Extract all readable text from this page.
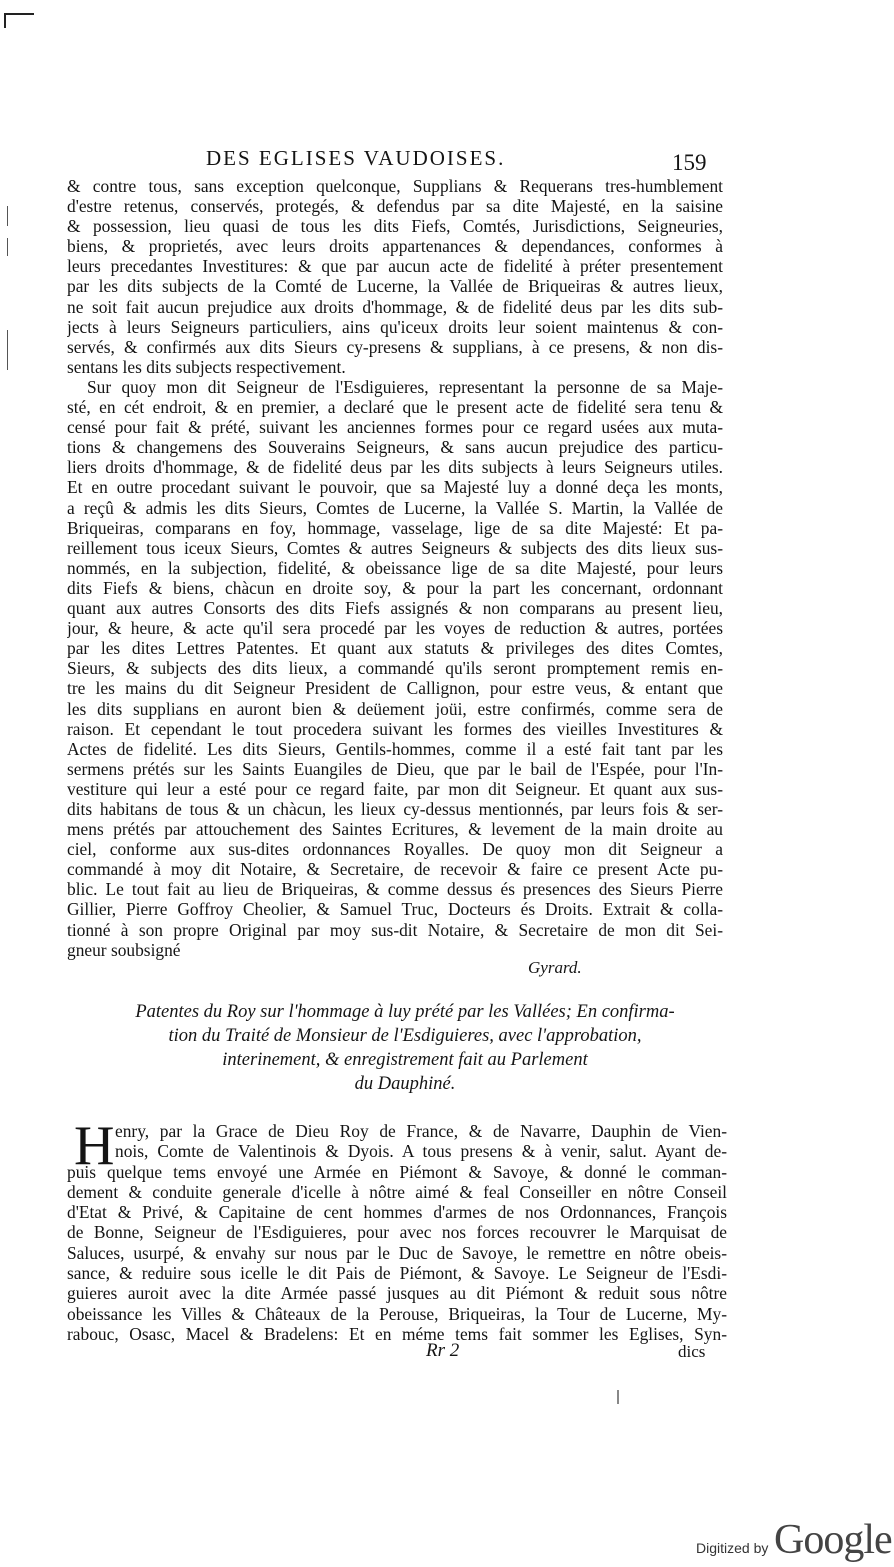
DES EGLISES VAUDOISES.	159
& contre tous, sans exception quelconque, Supplians & Requerans tres-humblement
d'estre retenus, conservés, protegés, & defendus par sa dite Majesté, en la saisine
& possession, lieu quasi de tous les dits Fiefs, Comtés, Jurisdictions, Seigneuries,
biens, & proprietés, avec leurs droits appartenances & dependances, conformes à
leurs precedantes Investitures: & que par aucun acte de fidelité à préter presentement
par les dits subjects de la Comté de Lucerne, la Vallée de Briqueiras & autres lieux,
ne soit fait aucun prejudice aux droits d'hommage, & de fidelité deus par les dits sub-
jects à leurs Seigneurs particuliers, ains qu'iceux droits leur soient maintenus & con-
servés, & confirmés aux dits Sieurs cy-presens & supplians, à ce presens, & non dis-
sentans les dits subjects respectivement.
Sur quoy mon dit Seigneur de l'Esdiguieres, representant la personne de sa Maje-
sté, en cét endroit, & en premier, a declaré que le present acte de fidelité sera tenu &
censé pour fait & prété, suivant les anciennes formes pour ce regard usées aux muta-
tions & changemens des Souverains Seigneurs, & sans aucun prejudice des particu-
liers droits d'hommage, & de fidelité deus par les dits subjects à leurs Seigneurs utiles.
Et en outre procedant suivant le pouvoir, que sa Majesté luy a donné deça les monts,
a reçû & admis les dits Sieurs, Comtes de Lucerne, la Vallée S. Martin, la Vallée de
Briqueiras, comparans en foy, hommage, vasselage, lige de sa dite Majesté: Et pa-
reillement tous iceux Sieurs, Comtes & autres Seigneurs & subjects des dits lieux sus-
nommés, en la subjection, fidelité, & obeissance lige de sa dite Majesté, pour leurs
dits Fiefs & biens, chàcun en droite soy, & pour la part les concernant, ordonnant
quant aux autres Consorts des dits Fiefs assignés & non comparans au present lieu,
jour, & heure, & acte qu'il sera procedé par les voyes de reduction & autres, portées
par les dites Lettres Patentes. Et quant aux statuts & privileges des dites Comtes,
Sieurs, & subjects des dits lieux, a commandé qu'ils seront promptement remis en-
tre les mains du dit Seigneur President de Callignon, pour estre veus, & entant que
les dits supplians en auront bien & deüement joüi, estre confirmés, comme sera de
raison. Et cependant le tout procedera suivant les formes des vieilles Investitures &
Actes de fidelité. Les dits Sieurs, Gentils-hommes, comme il a esté fait tant par les
sermens prétés sur les Saints Euangiles de Dieu, que par le bail de l'Espée, pour l'In-
vestiture qui leur a esté pour ce regard faite, par mon dit Seigneur. Et quant aux sus-
dits habitans de tous & un chàcun, les lieux cy-dessus mentionnés, par leurs fois & ser-
mens prétés par attouchement des Saintes Ecritures, & levement de la main droite au
ciel, conforme aux sus-dites ordonnances Royalles. De quoy mon dit Seigneur a
commandé à moy dit Notaire, & Secretaire, de recevoir & faire ce present Acte pu-
blic. Le tout fait au lieu de Briqueiras, & comme dessus és presences des Sieurs Pierre
Gillier, Pierre Goffroy Cheolier, & Samuel Truc, Docteurs és Droits. Extrait & colla-
tionné à son propre Original par moy sus-dit Notaire, & Secretaire de mon dit Sei-
gneur soubsigné
Gyrard.
Patentes du Roy sur l'hommage à luy prété par les Vallées; En confirma-
tion du Traité de Monsieur de l'Esdiguieres, avec l'approbation,
interinement, & enregistrement fait au Parlement
du Dauphiné.
H enry, par la Grace de Dieu Roy de France, & de Navarre, Dauphin de Vien-
nois, Comte de Valentinois & Dyois. A tous presens & à venir, salut. Ayant de-
puis quelque tems envoyé une Armée en Piémont & Savoye, & donné le comman-
dement & conduite generale d'icelle à nôtre aimé & feal Conseiller en nôtre Conseil
d'Etat & Privé, & Capitaine de cent hommes d'armes de nos Ordonnances, François
de Bonne, Seigneur de l'Esdiguieres, pour avec nos forces recouvrer le Marquisat de
Saluces, usurpé, & envahy sur nous par le Duc de Savoye, le remettre en nôtre obeis-
sance, & reduire sous icelle le dit Pais de Piémont, & Savoye. Le Seigneur de l'Esdi-
guieres auroit avec la dite Armée passé jusques au dit Piémont & reduit sous nôtre
obeissance les Villes & Châteaux de la Perouse, Briqueiras, la Tour de Lucerne, My-
rabouc, Osasc, Macel & Bradelens: Et en méme tems fait sommer les Eglises, Syn-
Rr 2	dics
Digitized by Google
